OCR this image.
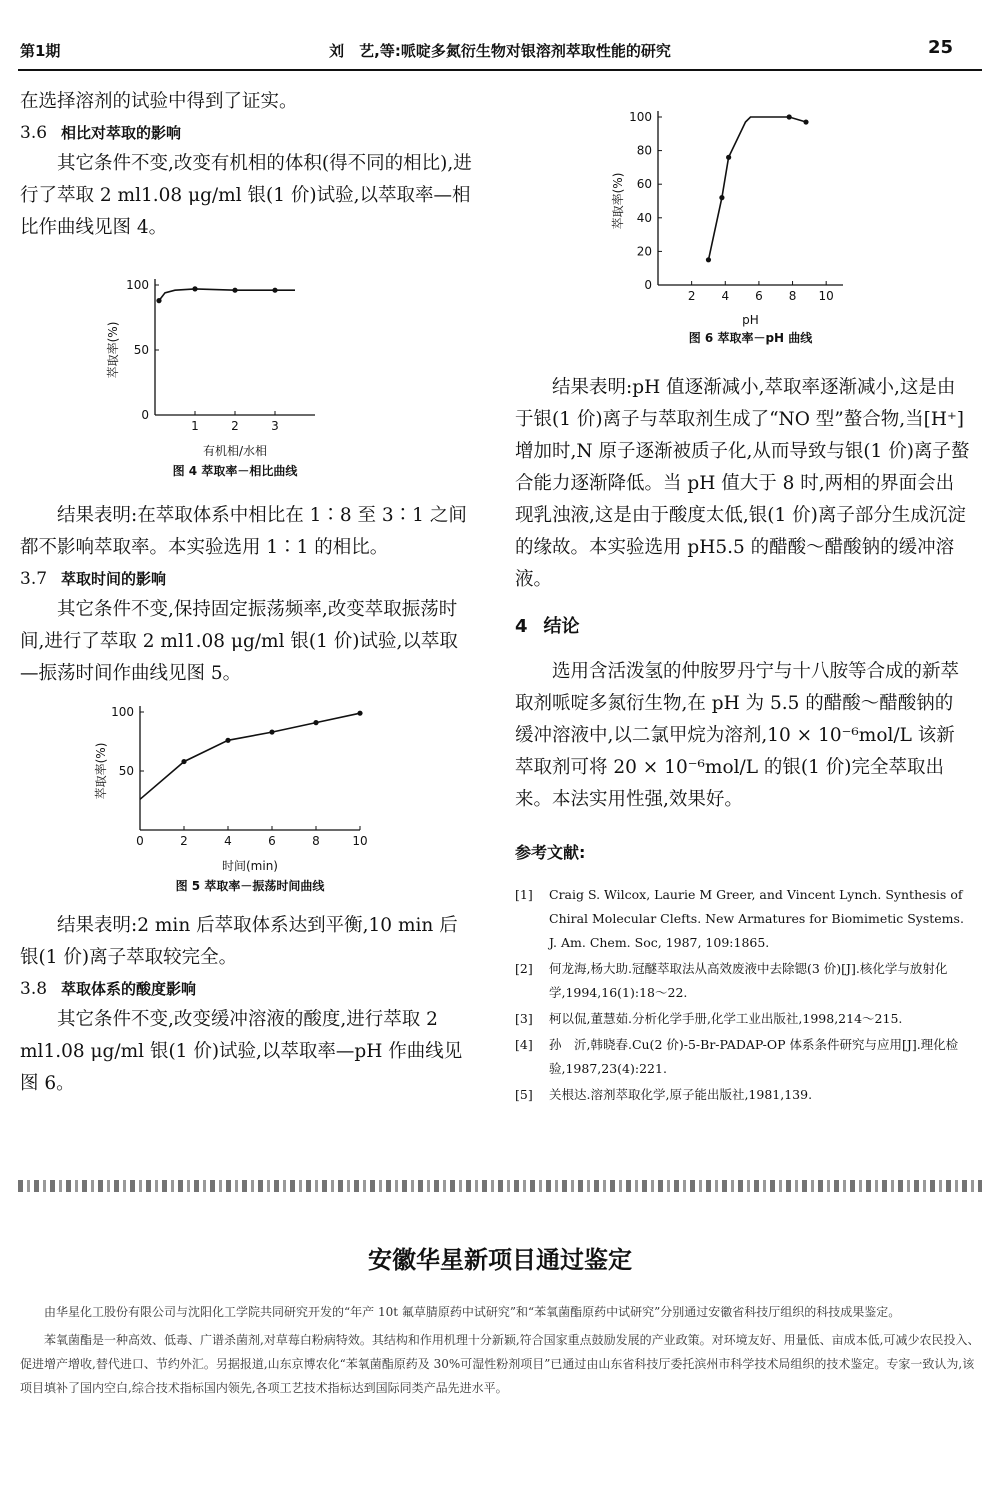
第1期	刘　艺,等:哌啶多氮衍生物对银溶剂萃取性能的研究	25

在选择溶剂的试验中得到了证实。

3.6 相比对萃取的影响

其它条件不变,改变有机相的体积(得不同的相比),进行了萃取 2 ml1.08 μg/ml 银(1 价)试验,以萃取率—相比作曲线见图 4。

0
50
100
1	2	3
有机相/水相
萃取率(%)
图 4 萃取率－相比曲线

结果表明:在萃取体系中相比在 1∶8 至 3∶1 之间都不影响萃取率。本实验选用 1∶1 的相比。

3.7 萃取时间的影响

其它条件不变,保持固定振荡频率,改变萃取振荡时间,进行了萃取 2 ml1.08 μg/ml 银(1 价)试验,以萃取—振荡时间作曲线见图 5。

50
100
0	2	4	6	8	10
时间(min)
萃取率(%)
图 5 萃取率－振荡时间曲线

结果表明:2 min 后萃取体系达到平衡,10 min 后银(1 价)离子萃取较完全。

3.8 萃取体系的酸度影响

其它条件不变,改变缓冲溶液的酸度,进行萃取 2 ml1.08 μg/ml 银(1 价)试验,以萃取率—pH 作曲线见图 6。

0
20
40
60
80
100
2 4 6 8 10
pH
萃取率(%)
图 6 萃取率－pH 曲线

结果表明:pH 值逐渐减小,萃取率逐渐减小,这是由于银(1 价)离子与萃取剂生成了“NO 型”螯合物,当[H⁺]增加时,N 原子逐渐被质子化,从而导致与银(1 价)离子螯合能力逐渐降低。当 pH 值大于 8 时,两相的界面会出现乳浊液,这是由于酸度太低,银(1 价)离子部分生成沉淀的缘故。本实验选用 pH5.5 的醋酸～醋酸钠的缓冲溶液。

4 结论

选用含活泼氢的仲胺罗丹宁与十八胺等合成的新萃取剂哌啶多氮衍生物,在 pH 为 5.5 的醋酸～醋酸钠的缓冲溶液中,以二氯甲烷为溶剂,10 × 10⁻⁶mol/L 该新萃取剂可将 20 × 10⁻⁶mol/L 的银(1 价)完全萃取出来。本法实用性强,效果好。

参考文献:
[1]	Craig S. Wilcox, Laurie M Greer, and Vincent Lynch. Synthesis of Chiral Molecular Clefts. New Armatures for Biomimetic Systems. J. Am. Chem. Soc, 1987, 109:1865.
[2]	何龙海,杨大助.冠醚萃取法从高效废液中去除锶(3 价)[J].核化学与放射化学,1994,16(1):18～22.
[3]	柯以侃,董慧茹.分析化学手册,化学工业出版社,1998,214～215.
[4]	孙　沂,韩晓春.Cu(2 价)-5-Br-PADAP-OP 体系条件研究与应用[J].理化检验,1987,23(4):221.
[5]	关根达.溶剂萃取化学,原子能出版社,1981,139.
安徽华星新项目通过鉴定

由华星化工股份有限公司与沈阳化工学院共同研究开发的“年产 10t 氟草腈原药中试研究”和“苯氧菌酯原药中试研究”分别通过安徽省科技厅组织的科技成果鉴定。

苯氧菌酯是一种高效、低毒、广谱杀菌剂,对草莓白粉病特效。其结构和作用机理十分新颖,符合国家重点鼓励发展的产业政策。对环境友好、用量低、亩成本低,可减少农民投入、促进增产增收,替代进口、节约外汇。另据报道,山东京博农化“苯氧菌酯原药及 30%可湿性粉剂项目”已通过由山东省科技厅委托滨州市科学技术局组织的技术鉴定。专家一致认为,该项目填补了国内空白,综合技术指标国内领先,各项工艺技术指标达到国际同类产品先进水平。
